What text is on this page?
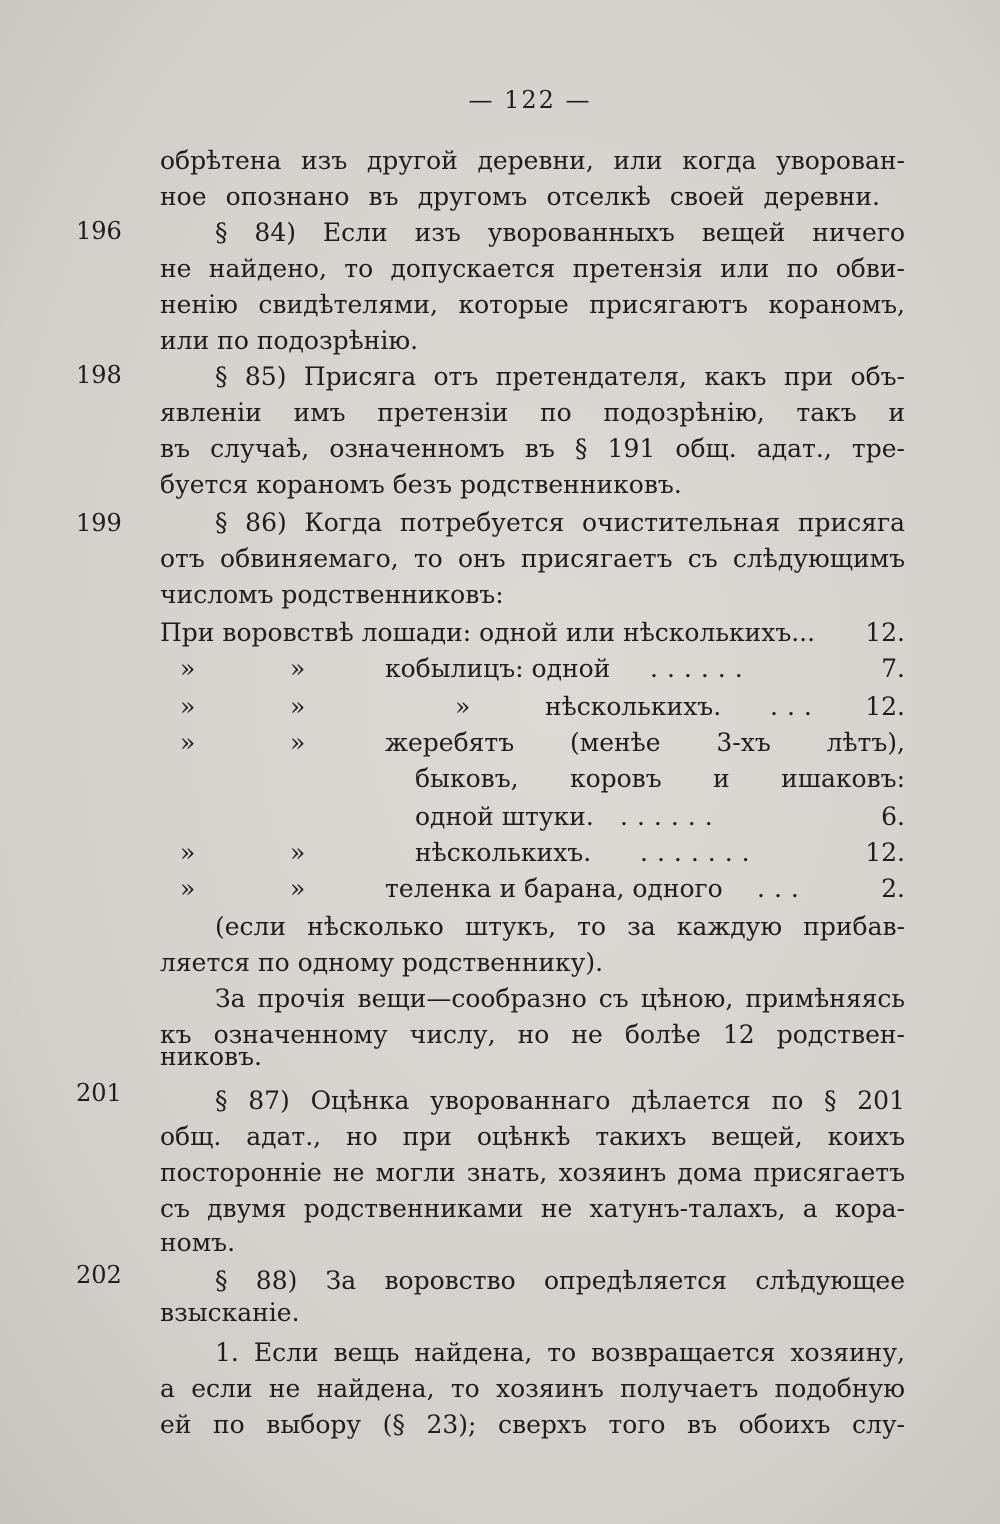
— 122 —
196
198
199
201
202
обрѣтена изъ другой деревни, или когда уворован-
ное опознано въ другомъ отселкѣ своей деревни.
§ 84) Если изъ уворованныхъ вещей ничего
не найдено, то допускается претензія или по обви-
ненію свидѣтелями, которые присягаютъ кораномъ,
или по подозрѣнію.
§ 85) Присяга отъ претендателя, какъ при объ-
явленіи имъ претензіи по подозрѣнію, такъ и
въ случаѣ, означенномъ въ § 191 общ. адат., тре-
буется кораномъ безъ родственниковъ.
§ 86) Когда потребуется очистительная присяга
отъ обвиняемаго, то онъ присягаетъ съ слѣдующимъ
числомъ родственниковъ:
При воровствѣ лошади: одной или нѣсколькихъ...	12.
»	»	кобылицъ: одной ......	7.
»	»	»	нѣсколькихъ. ...	12.
»	»	жеребятъ (менѣе 3-хъ лѣтъ),
быковъ, коровъ и ишаковъ:
одной штуки. ......	6.
»	»	нѣсколькихъ. .......	12.
»	»	теленка и барана, одного ...	2.
(если нѣсколько штукъ, то за каждую прибав-
ляется по одному родственнику).
За прочія вещи—сообразно съ цѣною, примѣняясь
къ означенному числу, но не болѣе 12 родствен-
никовъ.
§ 87) Оцѣнка уворованнаго дѣлается по § 201
общ. адат., но при оцѣнкѣ такихъ вещей, коихъ
посторонніе не могли знать, хозяинъ дома присягаетъ
съ двумя родственниками не хатунъ-талахъ, а кора-
номъ.
§ 88) За воровство опредѣляется слѣдующее
взысканіе.
1. Если вещь найдена, то возвращается хозяину,
а если не найдена, то хозяинъ получаетъ подобную
ей по выбору (§ 23); сверхъ того въ обоихъ слу-
